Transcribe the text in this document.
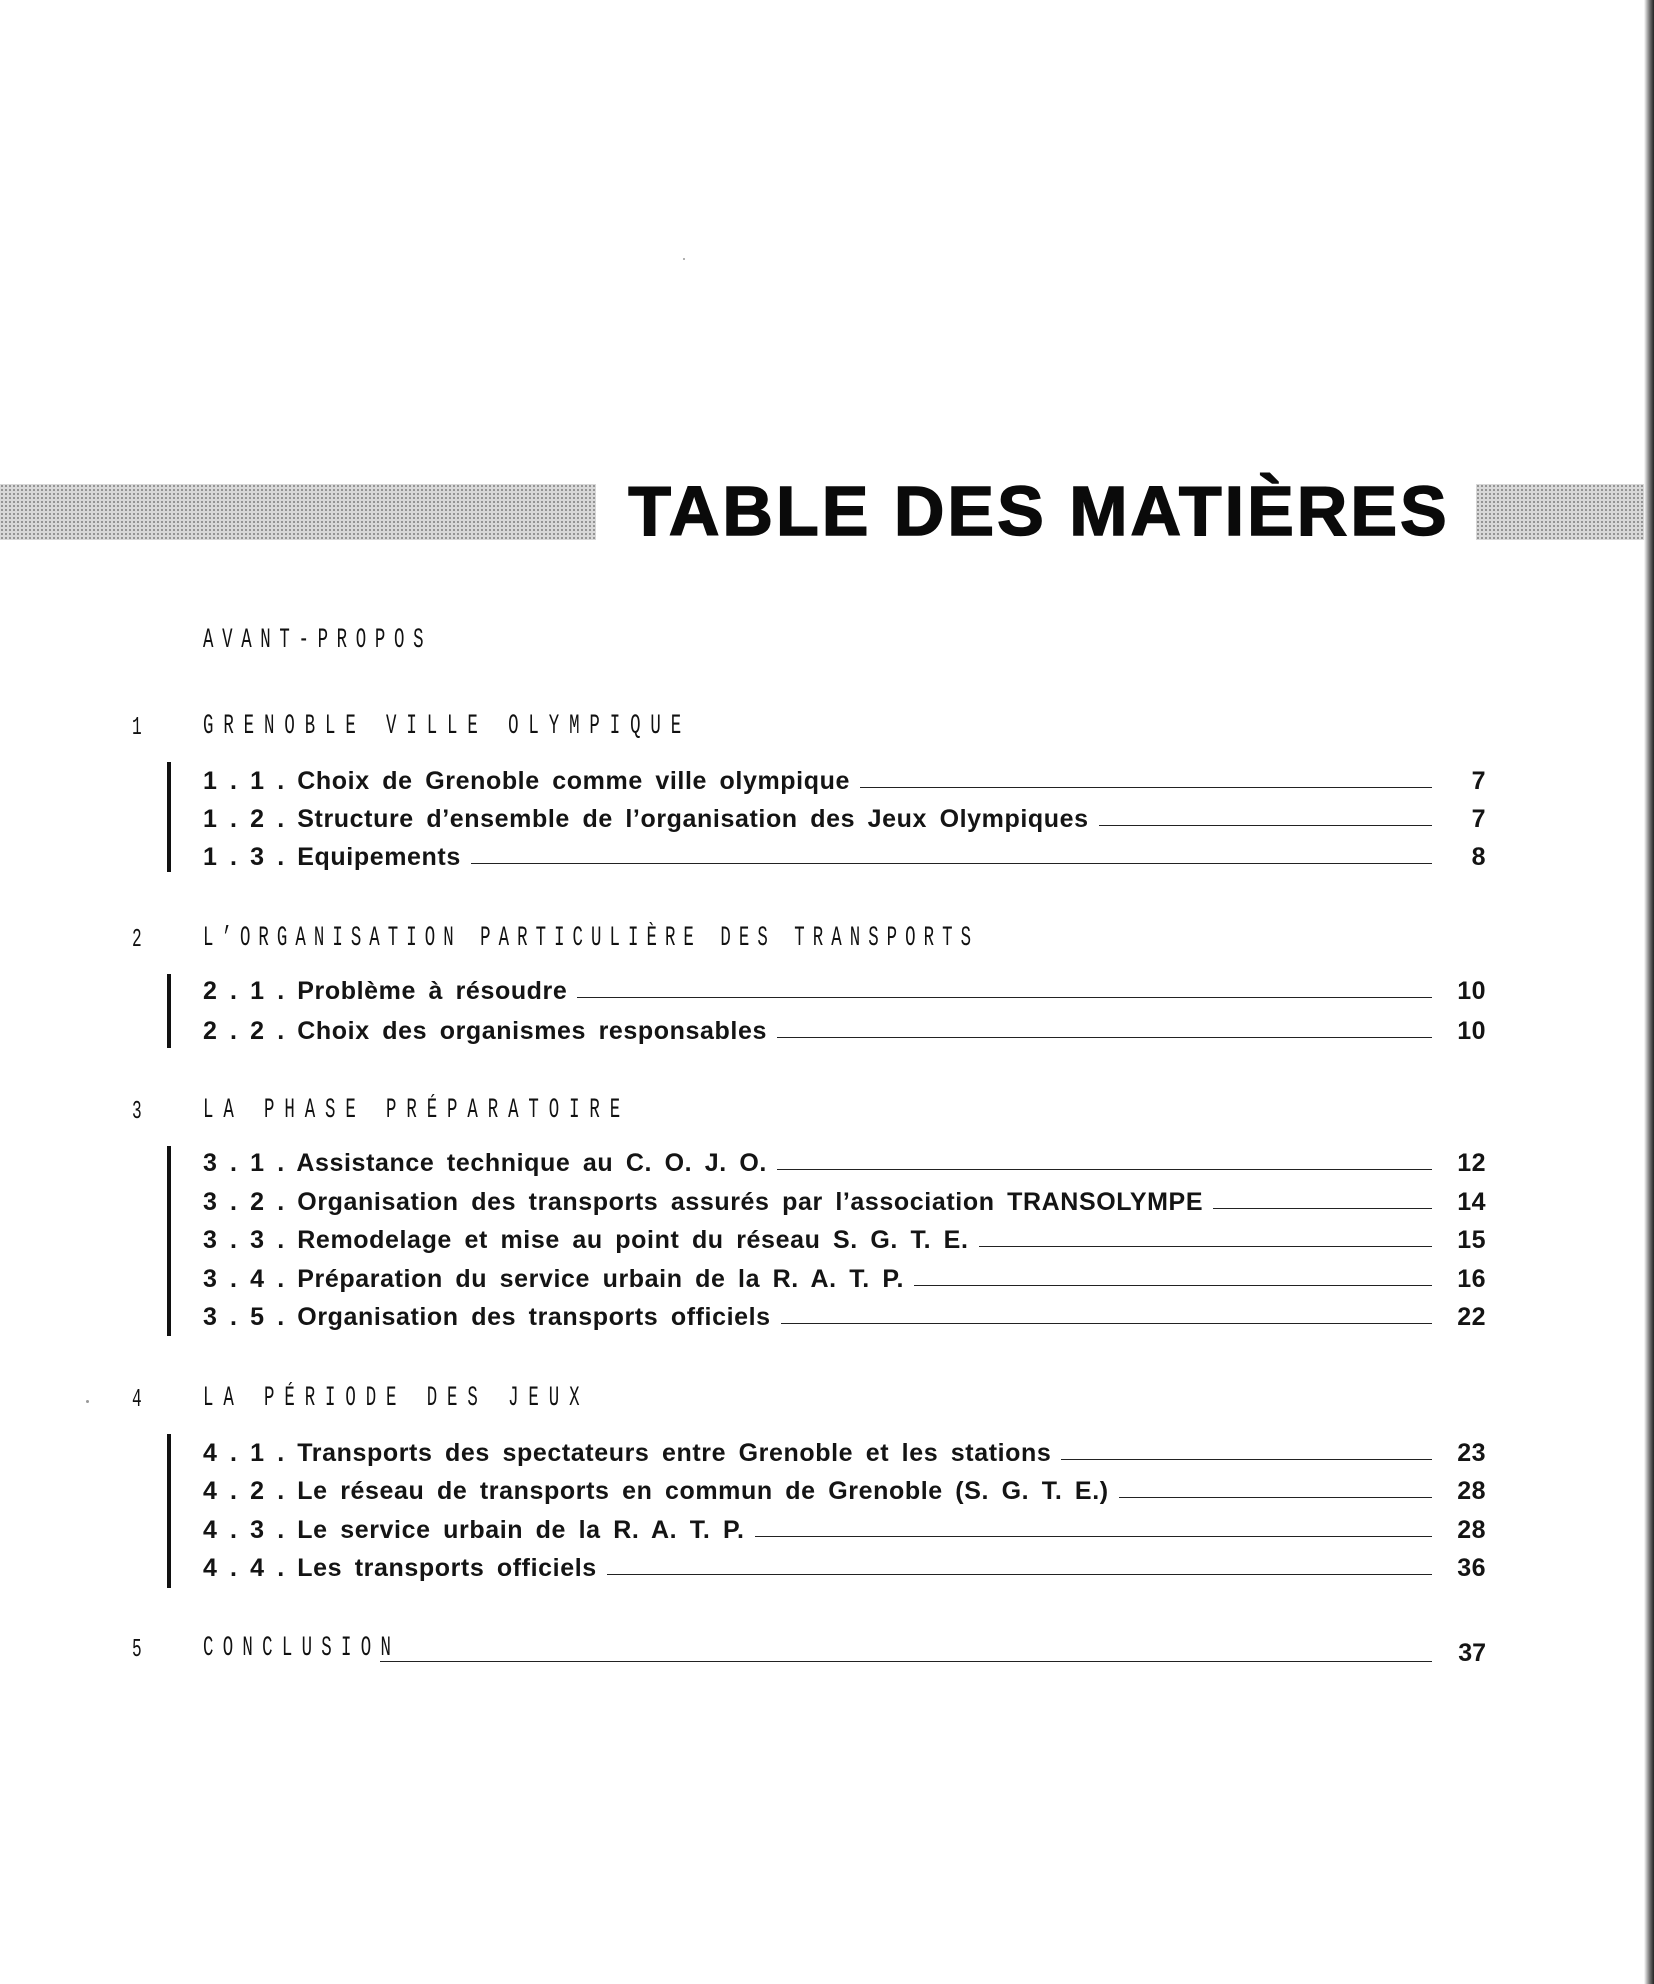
TABLE DES MATIÈRES
AVANT-PROPOS
1 GRENOBLE VILLE OLYMPIQUE
1 . 1 . Choix de Grenoble comme ville olympique	7
1 . 2 . Structure d’ensemble de l’organisation des Jeux Olympiques	7
1 . 3 . Equipements	8
2 L’ORGANISATION PARTICULIÈRE DES TRANSPORTS
2 . 1 . Problème à résoudre	10
2 . 2 . Choix des organismes responsables	10
3 LA PHASE PRÉPARATOIRE
3 . 1 . Assistance technique au C. O. J. O.	12
3 . 2 . Organisation des transports assurés par l’association TRANSOLYMPE	14
3 . 3 . Remodelage et mise au point du réseau S. G. T. E.	15
3 . 4 . Préparation du service urbain de la R. A. T. P.	16
3 . 5 . Organisation des transports officiels	22
4 LA PÉRIODE DES JEUX
4 . 1 . Transports des spectateurs entre Grenoble et les stations	23
4 . 2 . Le réseau de transports en commun de Grenoble (S. G. T. E.)	28
4 . 3 . Le service urbain de la R. A. T. P.	28
4 . 4 . Les transports officiels	36
5 CONCLUSION	37
